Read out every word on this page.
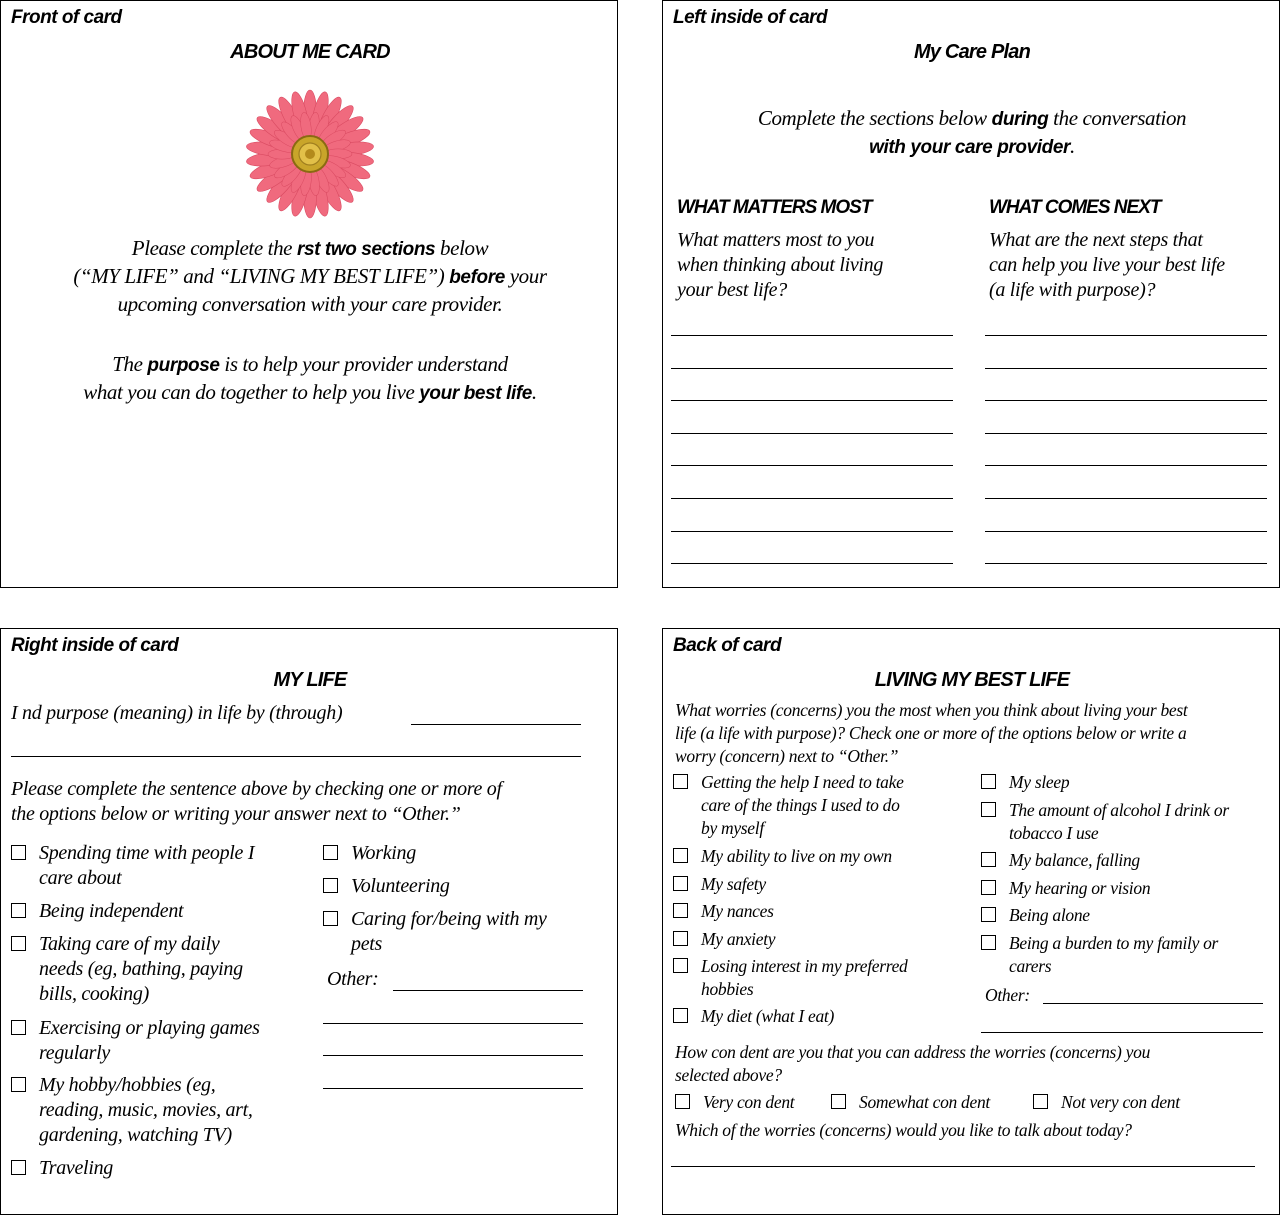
Front of card
ABOUT ME CARD
Please complete the rst two sections below
(“MY LIFE” and “LIVING MY BEST LIFE”) before your
upcoming conversation with your care provider.
The purpose is to help your provider understand
what you can do together to help you live your best life.
Left inside of card
My Care Plan
Complete the sections below during the conversation
with your care provider.
WHAT MATTERS MOST
What matters most to you
when thinking about living
your best life?
WHAT COMES NEXT
What are the next steps that
can help you live your best life
(a life with purpose)?
Right inside of card
MY LIFE
I nd purpose (meaning) in life by (through)
Please complete the sentence above by checking one or more of
the options below or writing your answer next to “Other.”
Spending time with people I
care about
Being independent
Taking care of my daily
needs (eg, bathing, paying
bills, cooking)
Exercising or playing games
regularly
My hobby/hobbies (eg,
reading, music, movies, art,
gardening, watching TV)
Traveling
Working
Volunteering
Caring for/being with my
pets
Other:
Back of card
LIVING MY BEST LIFE
What worries (concerns) you the most when you think about living your best
life (a life with purpose)? Check one or more of the options below or write a
worry (concern) next to “Other.”
Getting the help I need to take
care of the things I used to do
by myself
My ability to live on my own
My safety
My nances
My anxiety
Losing interest in my preferred
hobbies
My diet (what I eat)
My sleep
The amount of alcohol I drink or
tobacco I use
My balance, falling
My hearing or vision
Being alone
Being a burden to my family or
carers
Other:
How con dent are you that you can address the worries (concerns) you
selected above?
Very con dent	Somewhat con dent	Not very con dent
Which of the worries (concerns) would you like to talk about today?
